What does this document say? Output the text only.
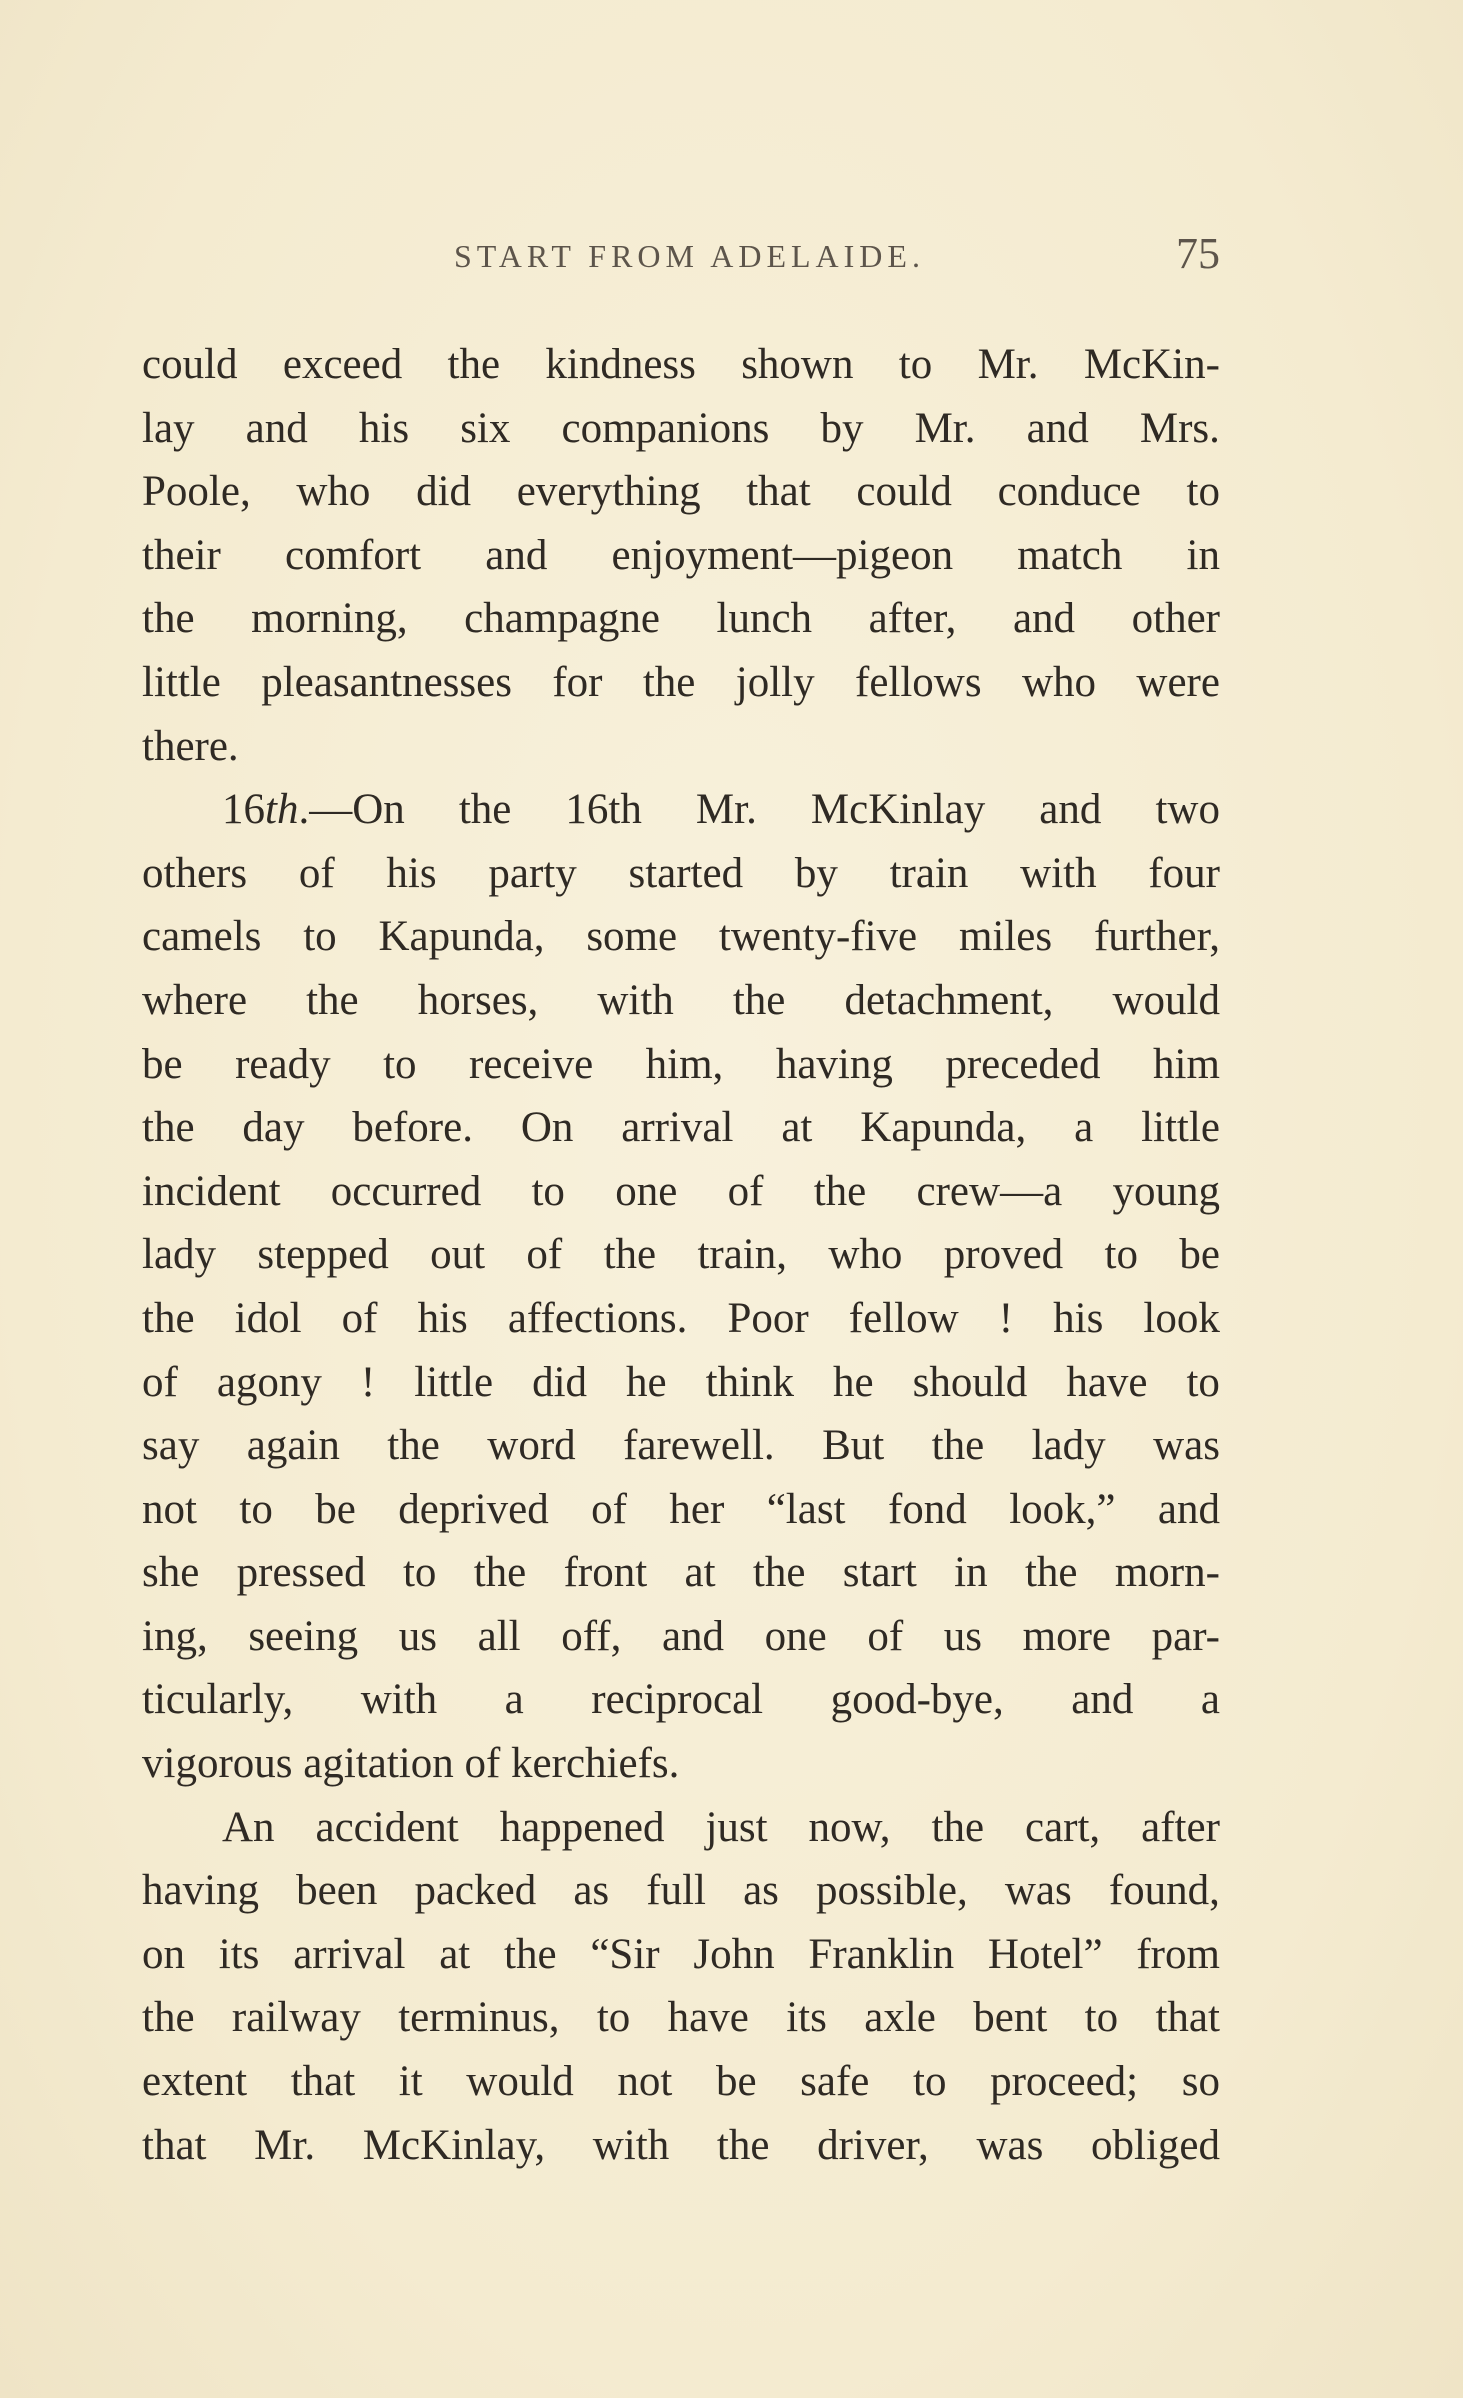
START FROM ADELAIDE.	75
could exceed the kindness shown to Mr. McKin-
lay and his six companions by Mr. and Mrs.
Poole, who did everything that could conduce to
their comfort and enjoyment—pigeon match in
the morning, champagne lunch after, and other
little pleasantnesses for the jolly fellows who were
there.
16th.—On the 16th Mr. McKinlay and two
others of his party started by train with four
camels to Kapunda, some twenty-five miles further,
where the horses, with the detachment, would
be ready to receive him, having preceded him
the day before. On arrival at Kapunda, a little
incident occurred to one of the crew—a young
lady stepped out of the train, who proved to be
the idol of his affections. Poor fellow ! his look
of agony ! little did he think he should have to
say again the word farewell. But the lady was
not to be deprived of her “last fond look,” and
she pressed to the front at the start in the morn-
ing, seeing us all off, and one of us more par-
ticularly, with a reciprocal good-bye, and a
vigorous agitation of kerchiefs.
An accident happened just now, the cart, after
having been packed as full as possible, was found,
on its arrival at the “Sir John Franklin Hotel” from
the railway terminus, to have its axle bent to that
extent that it would not be safe to proceed; so
that Mr. McKinlay, with the driver, was obliged
